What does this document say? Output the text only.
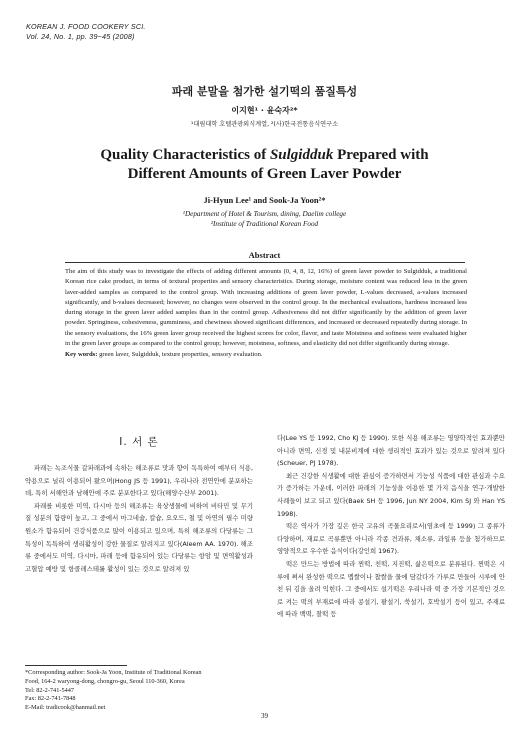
KOREAN J. FOOD COOKERY SCI.
Vol. 24, No. 1, pp. 39~45 (2008)
파래 분말을 첨가한 설기떡의 품질특성
이지현¹ · 윤숙자²*
¹대림대학 호텔관광외식계열, ²(사)한국전통음식연구소
Quality Characteristics of Sulgidduk Prepared with
Different Amounts of Green Laver Powder
Ji-Hyun Lee¹ and Sook-Ja Yoon²*
¹Department of Hotel & Tourism, dining, Daelim college
²Institute of Traditional Korean Food
Abstract

The aim of this study was to investigate the effects of adding different amounts (0, 4, 8, 12, 16%) of green laver powder to Sulgidduk, a traditional Korean rice cake product, in terms of textural properties and sensory characteristics. During storage, moisture content was reduced less in the green laver-added samples as compared to the control group. With increasing additions of green laver powder, L-values decreased, a-values increased significantly, and b-values decreased; however, no changes were observed in the control group. In the mechanical evaluations, hardness increased less during storage in the green laver added samples than in the control group. Adhesiveness did not differ significantly by the addition of green laver powder. Springiness, cohesiveness, gumminess, and chewiness showed significant differences, and increased or decreased repeatedly during storage. In the sensory evaluations, the 16% green laver group received the highest scores for color, flavor, and taste Moistness and softness were evaluated higher in the green laver groups as compared to the control group; however, moistness, softness, and elasticity did not differ significantly during storage.

Key words: green laver, Sulgidduk, texture properties, sensory evaluation.

I. 서 론

파래는 녹조식물 갈파래과에 속하는 해조류로 맛과 향이 독특하여 예부터 식용, 약용으로 널리 이용되어 왔으며(Hong JS 등 1991), 우리나라 전연안에 분포하는데, 특히 서해안과 남해안에 주로 분포한다고 있다(해양수산부 2001).

파래를 비롯한 미역, 다시마 등의 해조류는 육상생물에 비하여 비타민 및 무기질 성분의 함량이 높고, 그 중에서 마그네슘, 칼슘, 요오드, 철 및 아연의 필수 미량원소가 함유되어 건강식품으로 많이 이용되고 있으며, 특히 해조류의 다당류는 그 특성이 독특하여 생리활성이 강한 물질로 알려지고 있다(Aleem AA. 1970). 해조류 중에서도 미역, 다시마, 파래 등에 함유되어 있는 다당류는 항암 및 면역활성과 고혈압 예방 및 항콜레스테롤 활성이 있는 것으로 알려져 있

다(Lee YS 등 1992, Cho KJ 등 1990). 또한 식용 해조류는 영양학적인 효과뿐만 아니라 면역, 신경 및 내분비계에 대한 생리적인 효과가 있는 것으로 알려져 있다(Scheuer, PJ 1978).

최근 건강한 식생활에 대한 관심이 증가하면서 기능성 식품에 대한 관심과 수요가 증가하는 가운데, 이러한 파래의 기능성을 이용한 몇 가지 음식을 연구·개발한 사례들이 보고 되고 있다(Baek SH 등 1996, Jun NY 2004, Kim SJ 와 Han YS 1998).

떡은 역사가 가장 깊은 한국 고유의 곡물요리로서(염초애 등 1999) 그 종류가 다양하며, 재료로 곡류뿐만 아니라 각종 견과류, 채소류, 과일류 등을 첨가하므로 영양적으로 우수한 음식이다(강인희 1967).

떡은 만드는 방법에 따라 찐떡, 친떡, 지진떡, 삶은떡으로 분류된다. 찐떡은 시루에 쪄서 완성한 떡으로 멥쌀이나 찹쌀을 물에 담갔다가 가루로 만들어 시루에 안친 뒤 김을 올려 익힌다. 그 중에서도 설기떡은 우리나라 떡 중 가장 기본적인 것으로 켜는 떡의 부재료에 따라 콩설기, 팥설기, 쑥설기, 호박설기 등이 있고, 주재료에 따라 백떡, 찰떡 등

*Corresponding author: Sook-Ja Yoon, Institute of Traditional Korean
Food, 164-2 waryong-dong, chongro-gu, Seoul 110-360, Korea
Tel: 82-2-741-5447
Fax: 82-2-741-7848
E-Mail: tradicook@hanmail.net
39
